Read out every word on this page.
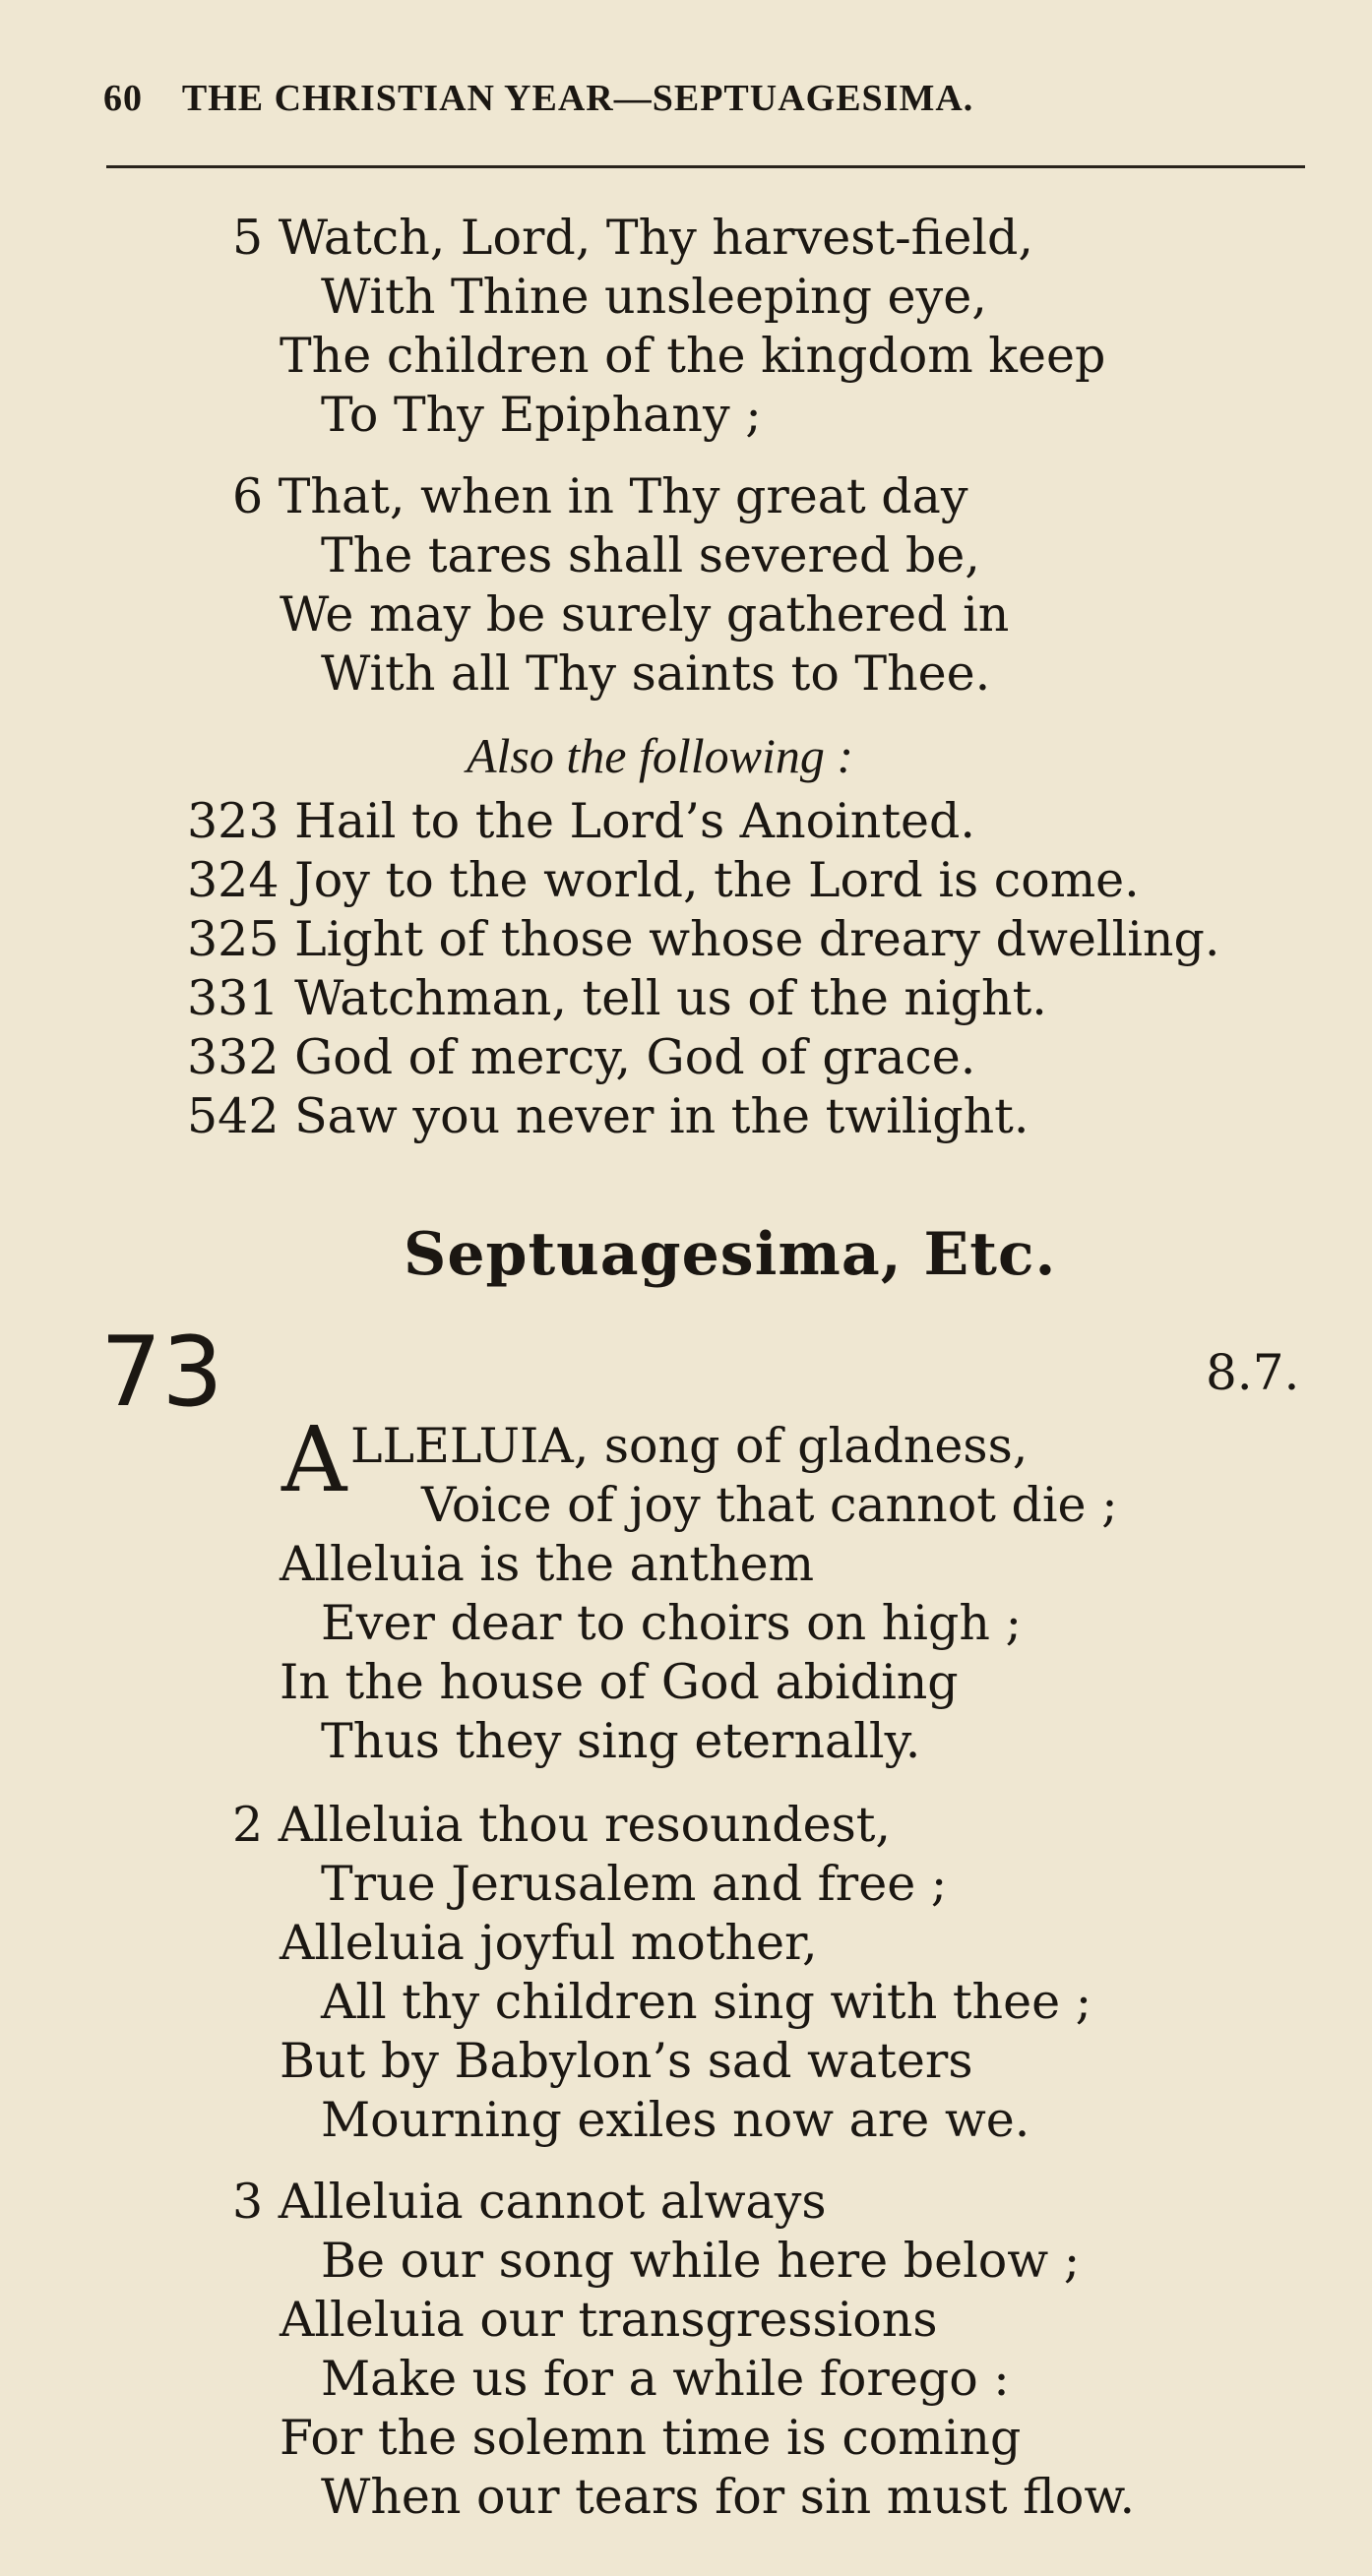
60 THE CHRISTIAN YEAR—SEPTUAGESIMA.
5 Watch, Lord, Thy harvest-field,
With Thine unsleeping eye,
The children of the kingdom keep
To Thy Epiphany ;
6 That, when in Thy great day
The tares shall severed be,
We may be surely gathered in
With all Thy saints to Thee.
Also the following :
323 Hail to the Lord’s Anointed.
324 Joy to the world, the Lord is come.
325 Light of those whose dreary dwelling.
331 Watchman, tell us of the night.
332 God of mercy, God of grace.
542 Saw you never in the twilight.
Septuagesima, Etc.
73	8.7.
A LLELUIA, song of gladness,
Voice of joy that cannot die ;
Alleluia is the anthem
Ever dear to choirs on high ;
In the house of God abiding
Thus they sing eternally.
2 Alleluia thou resoundest,
True Jerusalem and free ;
Alleluia joyful mother,
All thy children sing with thee ;
But by Babylon’s sad waters
Mourning exiles now are we.
3 Alleluia cannot always
Be our song while here below ;
Alleluia our transgressions
Make us for a while forego :
For the solemn time is coming
When our tears for sin must flow.
